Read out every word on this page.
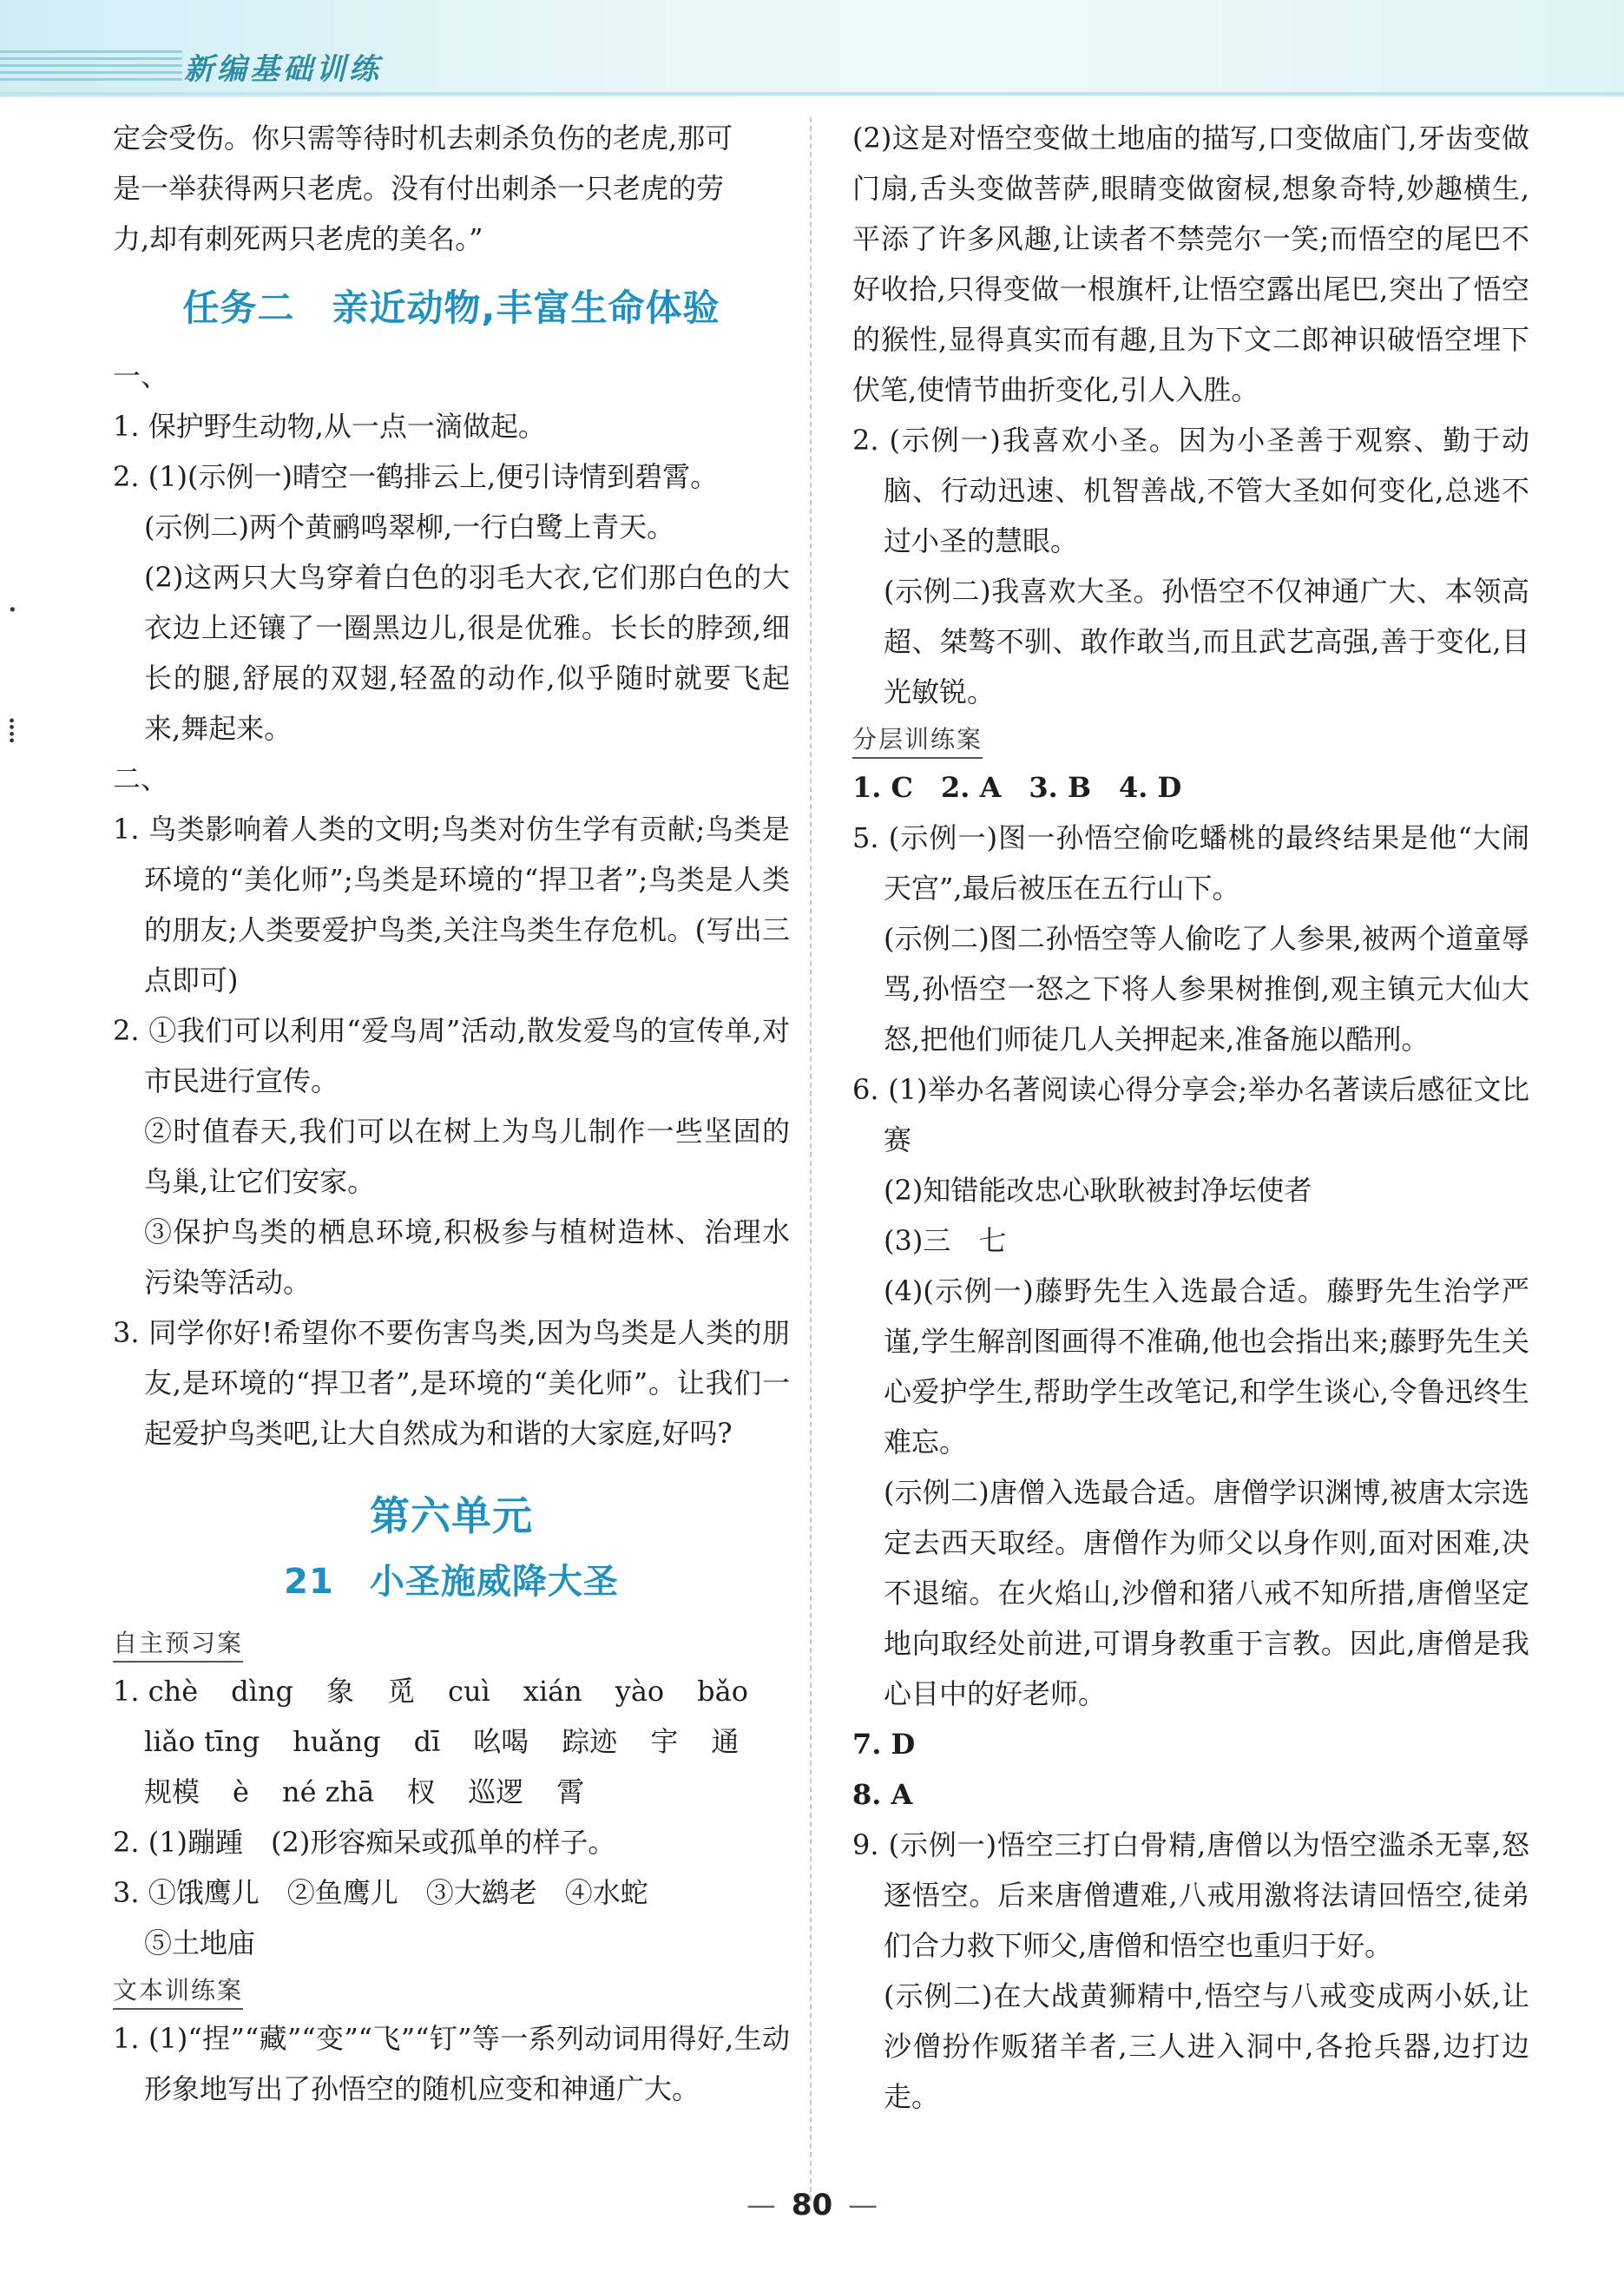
新编基础训练
·

⁞

定会受伤。你只需等待时机去刺杀负伤的老虎,那可

是一举获得两只老虎。没有付出刺杀一只老虎的劳

力,却有刺死两只老虎的美名。”

任务二　亲近动物,丰富生命体验

一、

1. 保护野生动物,从一点一滴做起。

2. (1)(示例一)晴空一鹤排云上,便引诗情到碧霄。

(示例二)两个黄鹂鸣翠柳,一行白鹭上青天。

(2)这两只大鸟穿着白色的羽毛大衣,它们那白色的大衣边上还镶了一圈黑边儿,很是优雅。长长的脖颈,细长的腿,舒展的双翅,轻盈的动作,似乎随时就要飞起来,舞起来。

二、

1. 鸟类影响着人类的文明;鸟类对仿生学有贡献;鸟类是环境的“美化师”;鸟类是环境的“捍卫者”;鸟类是人类的朋友;人类要爱护鸟类,关注鸟类生存危机。(写出三点即可)

2. ①我们可以利用“爱鸟周”活动,散发爱鸟的宣传单,对市民进行宣传。

②时值春天,我们可以在树上为鸟儿制作一些坚固的鸟巢,让它们安家。

③保护鸟类的栖息环境,积极参与植树造林、治理水污染等活动。

3. 同学你好!希望你不要伤害鸟类,因为鸟类是人类的朋友,是环境的“捍卫者”,是环境的“美化师”。让我们一起爱护鸟类吧,让大自然成为和谐的大家庭,好吗?

第六单元
21　小圣施威降大圣
自主预习案
1. chè dìng 象 觅 cuì xián yào bǎo
liǎo tīng huǎng dī 吆喝 踪迹 宇 通
规模 è né zhā 杈 巡逻 霄

2. (1)蹦踵　(2)形容痴呆或孤单的样子。

3. ①饿鹰儿　②鱼鹰儿　③大鹚老　④水蛇

⑤土地庙

文本训练案

1. (1)“捏”“藏”“变”“飞”“钉”等一系列动词用得好,生动形象地写出了孙悟空的随机应变和神通广大。

(2)这是对悟空变做土地庙的描写,口变做庙门,牙齿变做门扇,舌头变做菩萨,眼睛变做窗棂,想象奇特,妙趣横生,平添了许多风趣,让读者不禁莞尔一笑;而悟空的尾巴不好收拾,只得变做一根旗杆,让悟空露出尾巴,突出了悟空的猴性,显得真实而有趣,且为下文二郎神识破悟空埋下伏笔,使情节曲折变化,引人入胜。

2. (示例一)我喜欢小圣。因为小圣善于观察、勤于动脑、行动迅速、机智善战,不管大圣如何变化,总逃不过小圣的慧眼。

(示例二)我喜欢大圣。孙悟空不仅神通广大、本领高超、桀骜不驯、敢作敢当,而且武艺高强,善于变化,目光敏锐。

分层训练案

1. C　2. A　3. B　4. D

5. (示例一)图一孙悟空偷吃蟠桃的最终结果是他“大闹天宫”,最后被压在五行山下。

(示例二)图二孙悟空等人偷吃了人参果,被两个道童辱骂,孙悟空一怒之下将人参果树推倒,观主镇元大仙大怒,把他们师徒几人关押起来,准备施以酷刑。

6. (1)举办名著阅读心得分享会;举办名著读后感征文比赛

(2)知错能改忠心耿耿被封净坛使者

(3)三　七

(4)(示例一)藤野先生入选最合适。藤野先生治学严谨,学生解剖图画得不准确,他也会指出来;藤野先生关心爱护学生,帮助学生改笔记,和学生谈心,令鲁迅终生难忘。

(示例二)唐僧入选最合适。唐僧学识渊博,被唐太宗选定去西天取经。唐僧作为师父以身作则,面对困难,决不退缩。在火焰山,沙僧和猪八戒不知所措,唐僧坚定地向取经处前进,可谓身教重于言教。因此,唐僧是我心目中的好老师。

7. D

8. A

9. (示例一)悟空三打白骨精,唐僧以为悟空滥杀无辜,怒逐悟空。后来唐僧遭难,八戒用激将法请回悟空,徒弟们合力救下师父,唐僧和悟空也重归于好。

(示例二)在大战黄狮精中,悟空与八戒变成两小妖,让沙僧扮作贩猪羊者,三人进入洞中,各抢兵器,边打边走。

— 80 —
